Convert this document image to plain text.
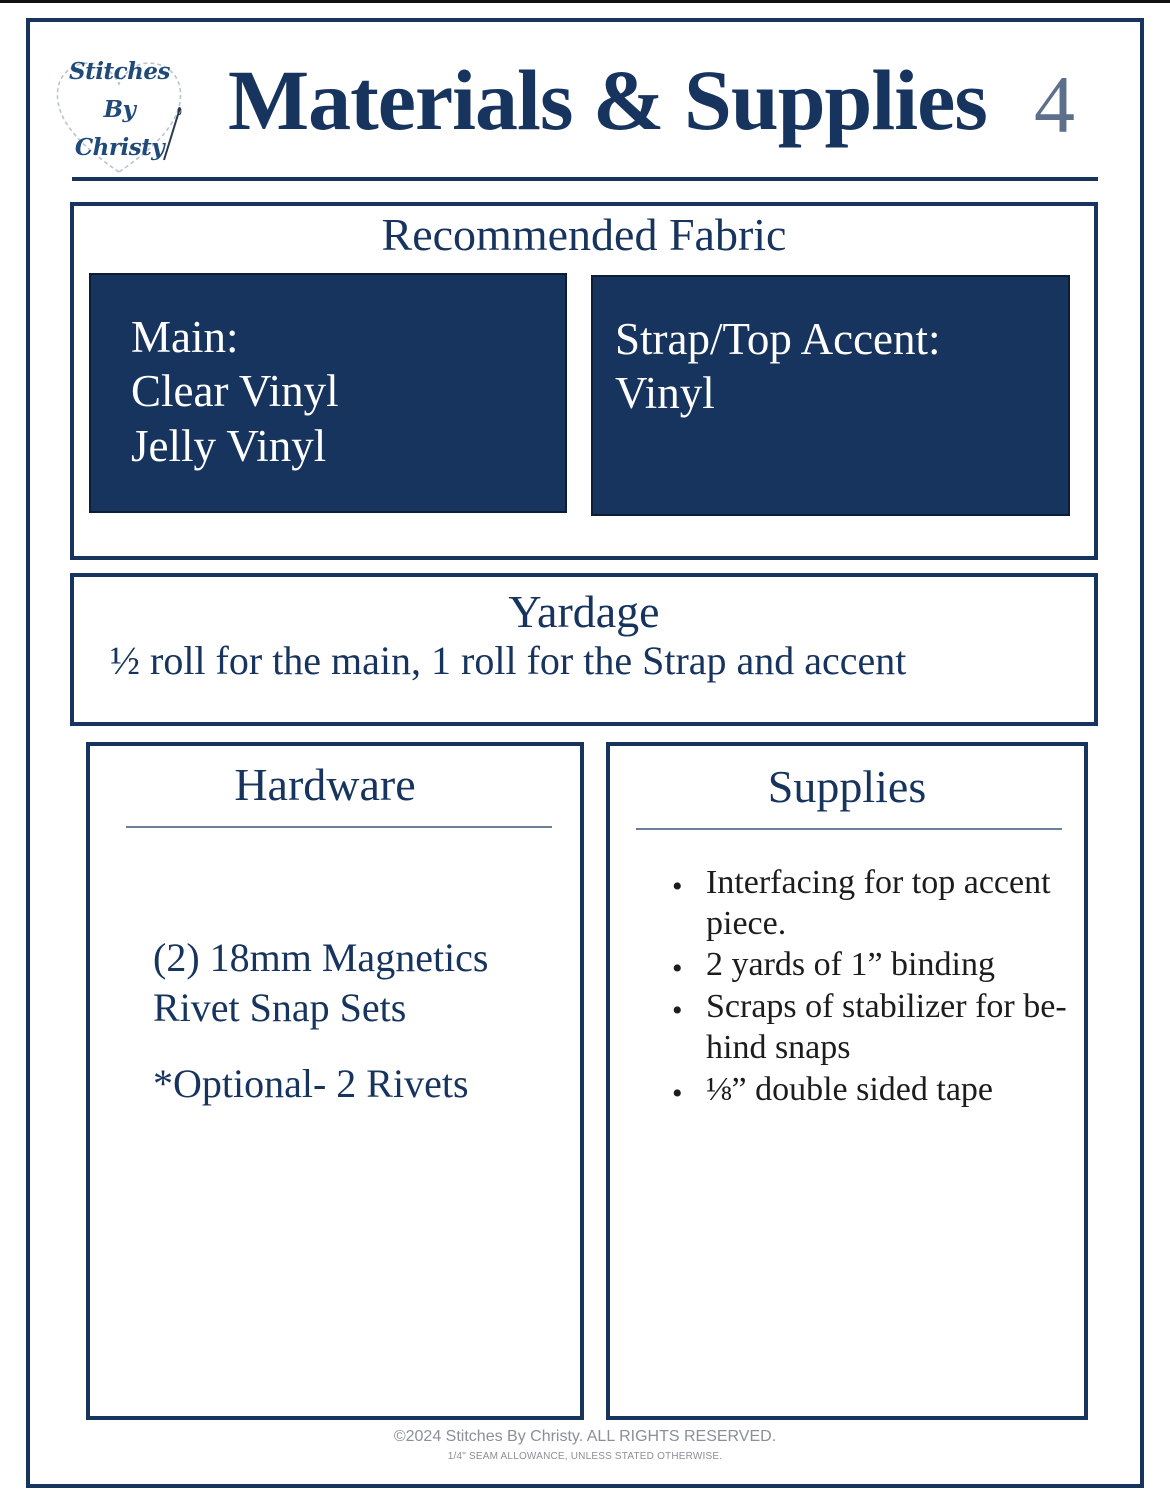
Stitches
By
Christy Materials & Supplies 4
Recommended Fabric
Main:
Clear Vinyl
Jelly Vinyl
Strap/Top Accent:
Vinyl
Yardage
½ roll for the main, 1 roll for the Strap and accent
Hardware
(2) 18mm Magnetics
Rivet Snap Sets
*Optional- 2 Rivets
Supplies
• Interfacing for top accent
piece.
• 2 yards of 1” binding
• Scraps of stabilizer for be-
hind snaps
• ⅛” double sided tape
©2024 Stitches By Christy. ALL RIGHTS RESERVED.
1/4" SEAM ALLOWANCE, UNLESS STATED OTHERWISE.
